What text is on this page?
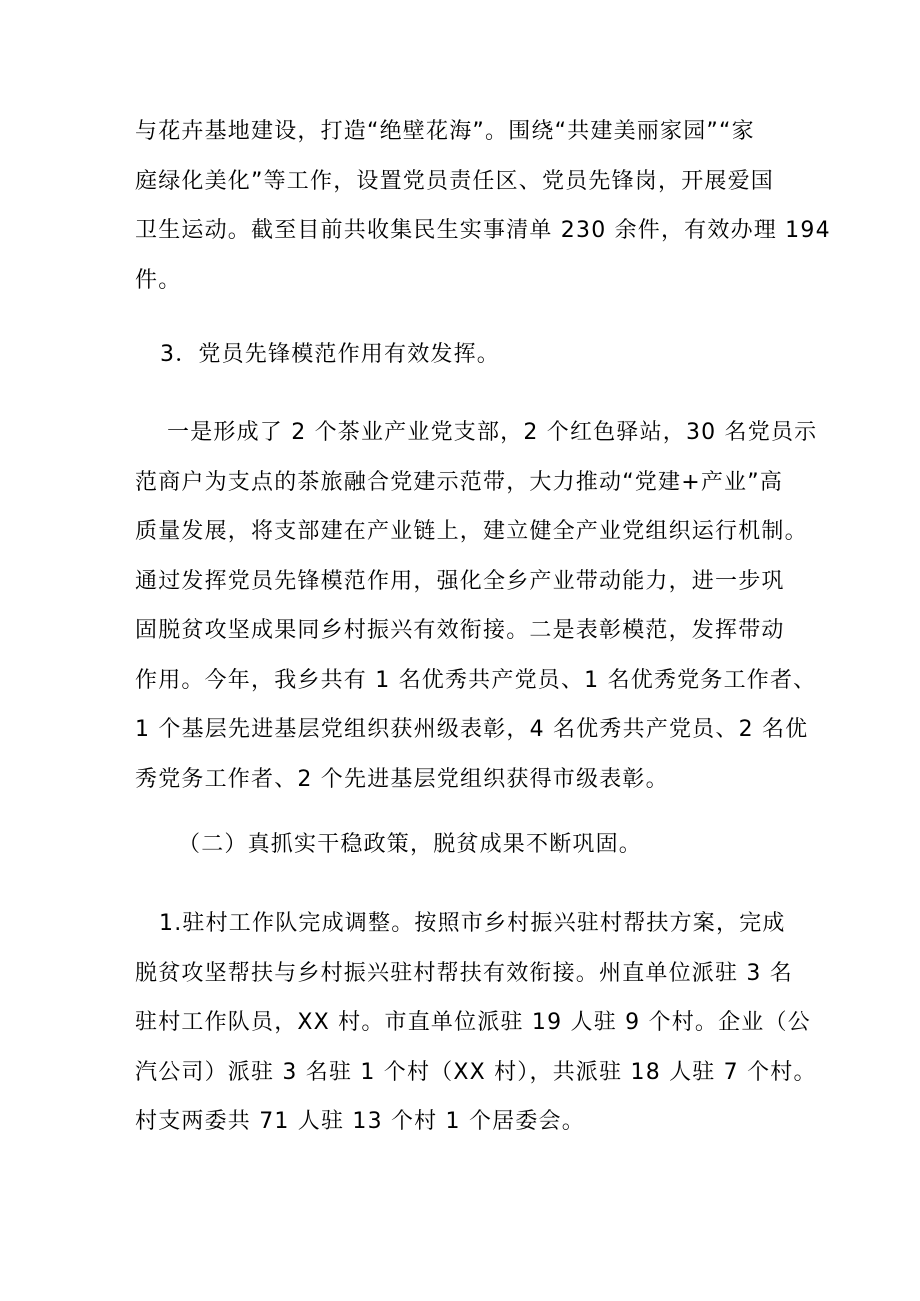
与花卉基地建设，打造“绝壁花海”。围绕“共建美丽家园”“家
庭绿化美化”等工作，设置党员责任区、党员先锋岗，开展爱国
卫生运动。截至目前共收集民生实事清单 230 余件，有效办理 194
件。
3．党员先锋模范作用有效发挥。
一是形成了 2 个茶业产业党支部，2 个红色驿站，30 名党员示
范商户为支点的茶旅融合党建示范带，大力推动“党建+产业”高
质量发展，将支部建在产业链上，建立健全产业党组织运行机制。
通过发挥党员先锋模范作用，强化全乡产业带动能力，进一步巩
固脱贫攻坚成果同乡村振兴有效衔接。二是表彰模范，发挥带动
作用。今年，我乡共有 1 名优秀共产党员、1 名优秀党务工作者、
1 个基层先进基层党组织获州级表彰，4 名优秀共产党员、2 名优
秀党务工作者、2 个先进基层党组织获得市级表彰。
（二）真抓实干稳政策，脱贫成果不断巩固。
1.驻村工作队完成调整。按照市乡村振兴驻村帮扶方案，完成
脱贫攻坚帮扶与乡村振兴驻村帮扶有效衔接。州直单位派驻 3 名
驻村工作队员，XX 村。市直单位派驻 19 人驻 9 个村。企业（公
汽公司）派驻 3 名驻 1 个村（XX 村），共派驻 18 人驻 7 个村。
村支两委共 71 人驻 13 个村 1 个居委会。
